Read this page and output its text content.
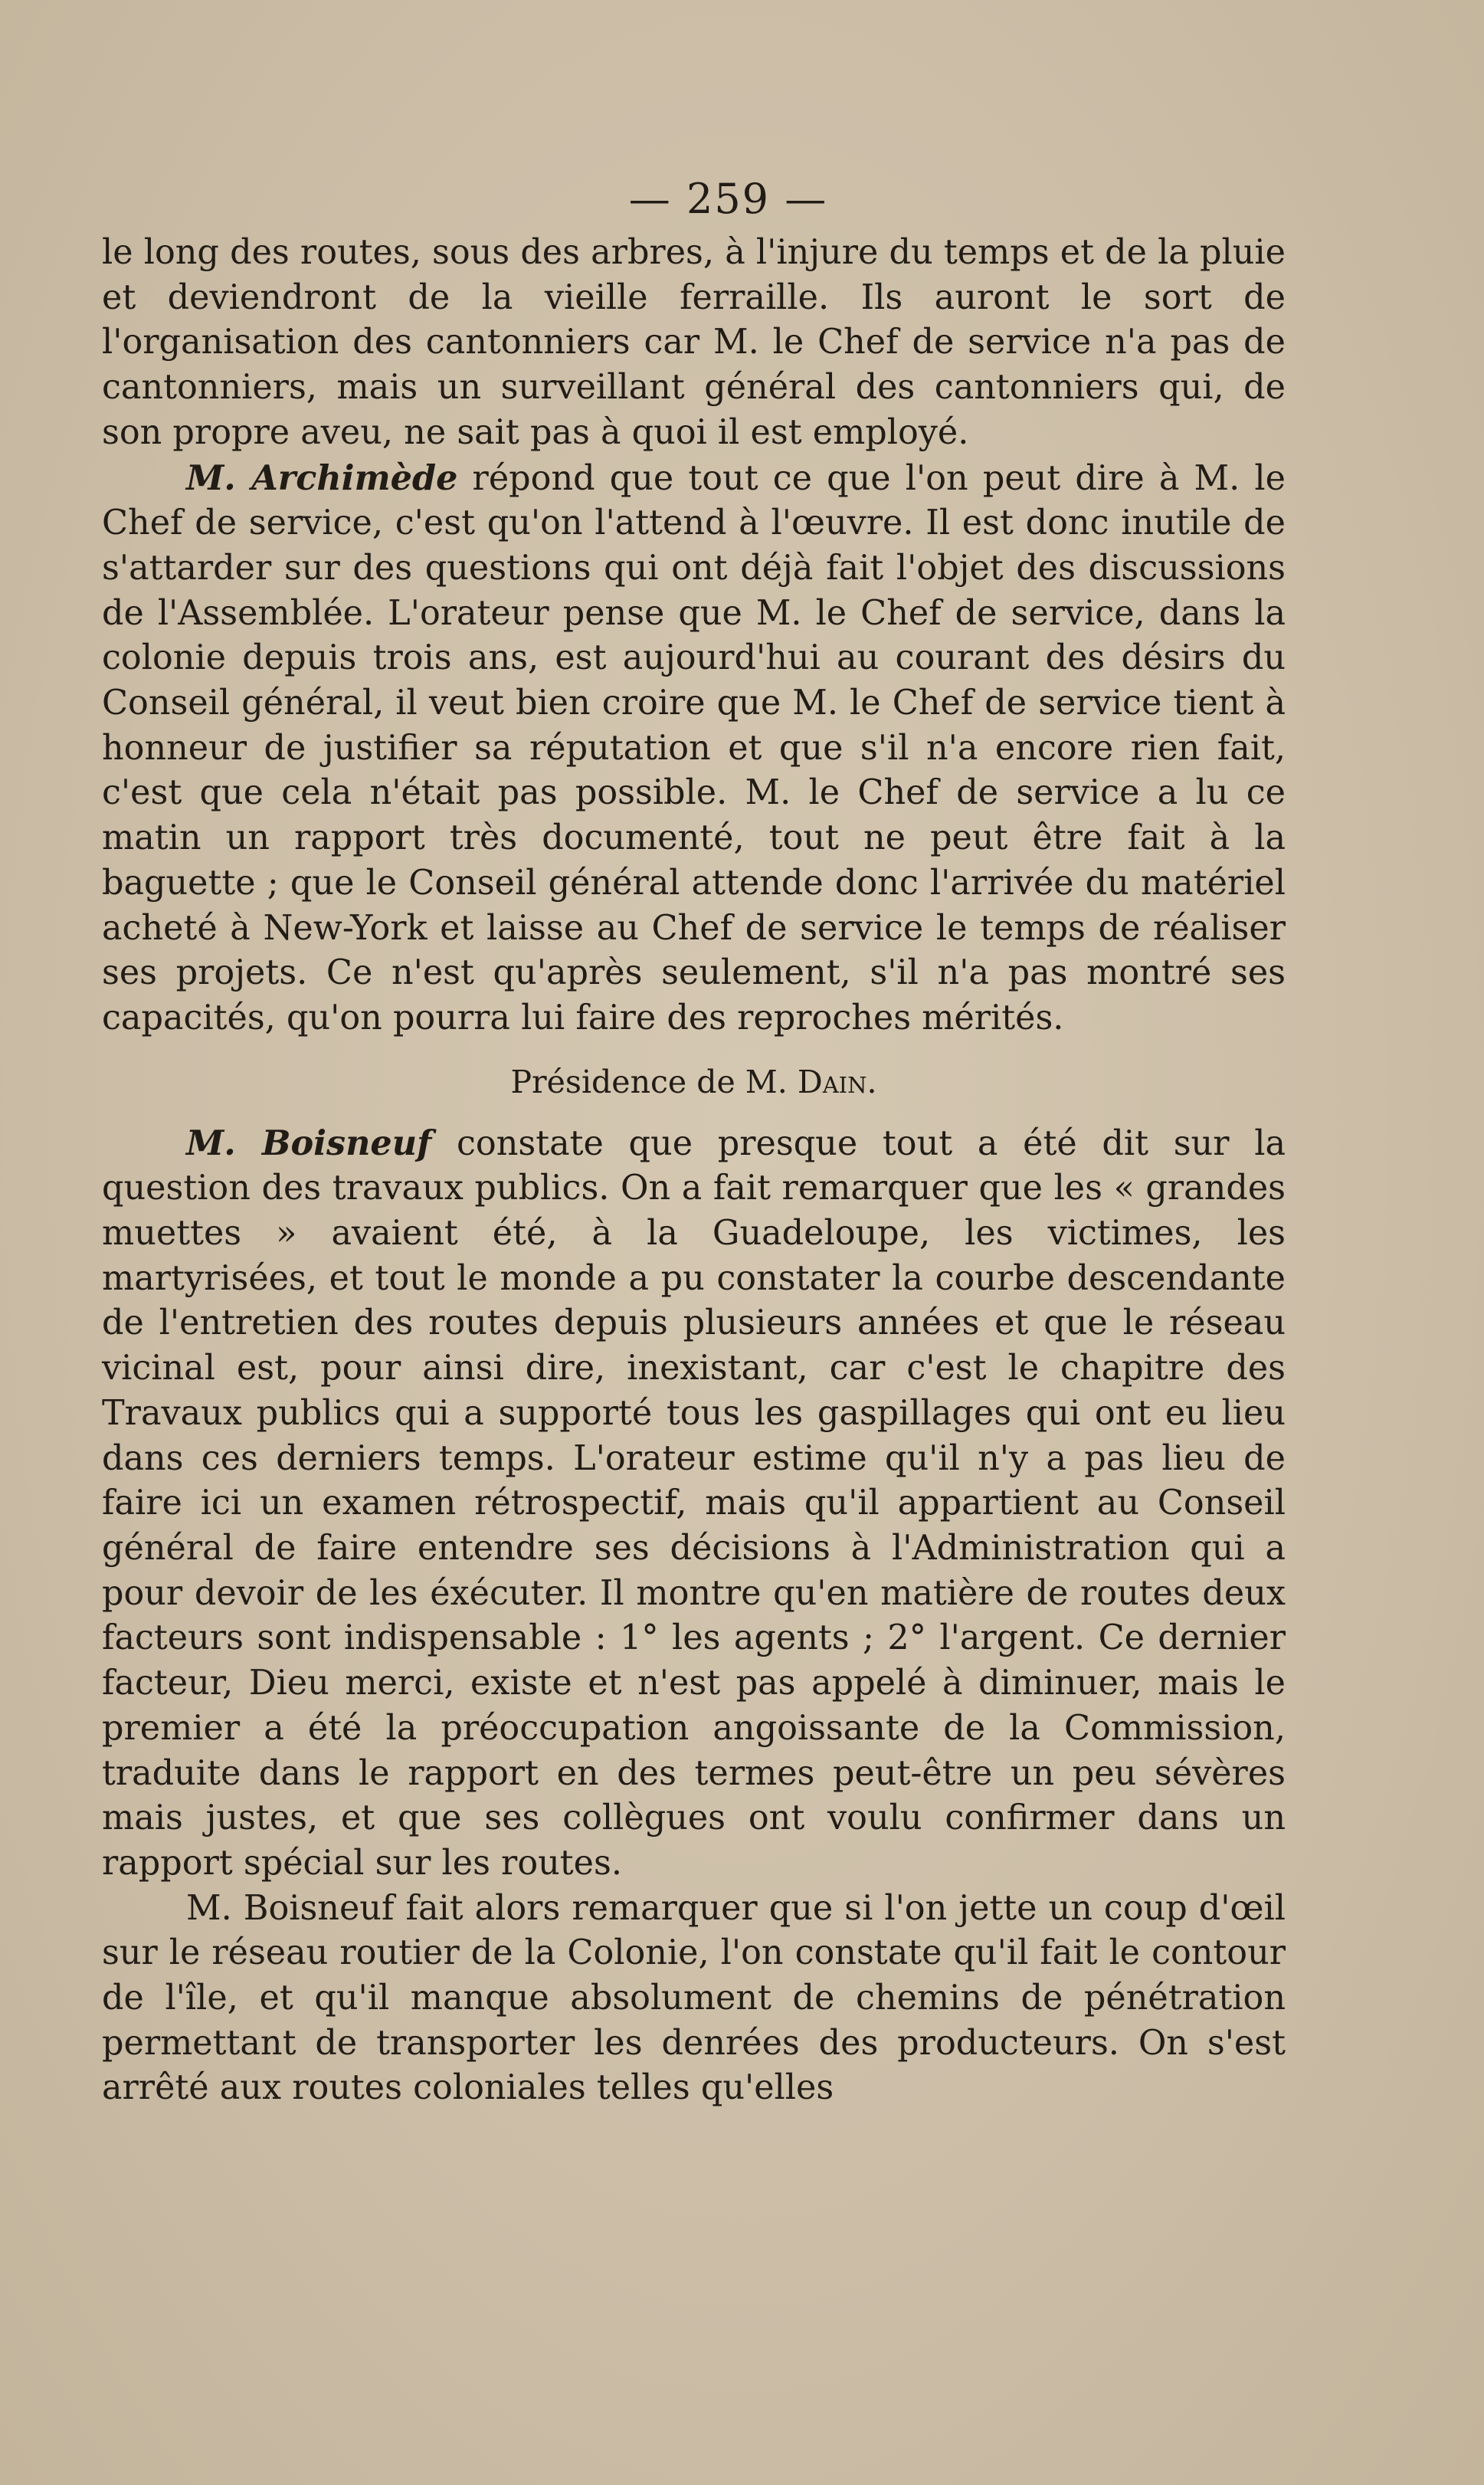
— 259 —

le long des routes, sous des arbres, à l'injure du temps et de la pluie et deviendront de la vieille ferraille. Ils auront le sort de l'organisation des cantonniers car M. le Chef de service n'a pas de cantonniers, mais un surveillant général des cantonniers qui, de son propre aveu, ne sait pas à quoi il est employé.

M. Archimède répond que tout ce que l'on peut dire à M. le Chef de service, c'est qu'on l'attend à l'œuvre. Il est donc inutile de s'attarder sur des questions qui ont déjà fait l'objet des discussions de l'Assemblée. L'orateur pense que M. le Chef de service, dans la colonie depuis trois ans, est aujourd'hui au courant des désirs du Conseil général, il veut bien croire que M. le Chef de service tient à honneur de justifier sa réputation et que s'il n'a encore rien fait, c'est que cela n'était pas possible. M. le Chef de service a lu ce matin un rapport très documenté, tout ne peut être fait à la baguette ; que le Conseil général attende donc l'arrivée du matériel acheté à New-York et laisse au Chef de service le temps de réaliser ses projets. Ce n'est qu'après seulement, s'il n'a pas montré ses capacités, qu'on pourra lui faire des reproches mérités.

Présidence de M. Dain.

M. Boisneuf constate que presque tout a été dit sur la question des travaux publics. On a fait remarquer que les « grandes muettes » avaient été, à la Guadeloupe, les victimes, les martyrisées, et tout le monde a pu constater la courbe descendante de l'entretien des routes depuis plusieurs années et que le réseau vicinal est, pour ainsi dire, inexistant, car c'est le chapitre des Travaux publics qui a supporté tous les gaspillages qui ont eu lieu dans ces derniers temps. L'orateur estime qu'il n'y a pas lieu de faire ici un examen rétrospectif, mais qu'il appartient au Conseil général de faire entendre ses décisions à l'Administration qui a pour devoir de les éxécuter. Il montre qu'en matière de routes deux facteurs sont indispensable : 1° les agents ; 2° l'argent. Ce dernier facteur, Dieu merci, existe et n'est pas appelé à diminuer, mais le premier a été la préoccupation angoissante de la Commission, traduite dans le rapport en des termes peut-être un peu sévères mais justes, et que ses collègues ont voulu confirmer dans un rapport spécial sur les routes.

M. Boisneuf fait alors remarquer que si l'on jette un coup d'œil sur le réseau routier de la Colonie, l'on constate qu'il fait le contour de l'île, et qu'il manque absolument de chemins de pénétration permettant de transporter les denrées des producteurs. On s'est arrêté aux routes coloniales telles qu'elles
